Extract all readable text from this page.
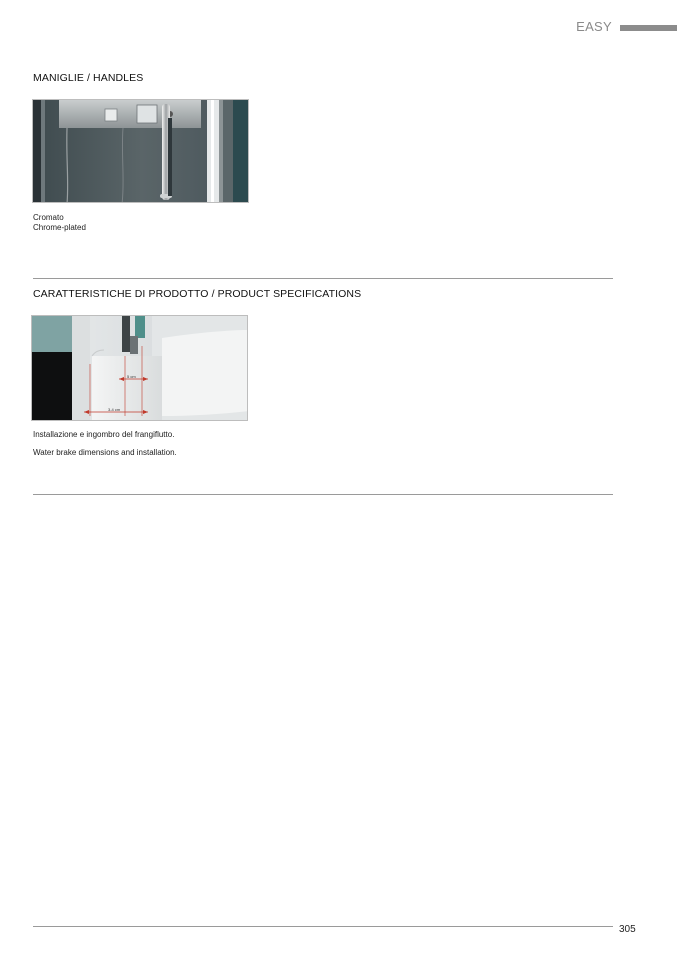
EASY
MANIGLIE / HANDLES
Cromato
Chrome-plated
CARATTERISTICHE DI PRODOTTO / PRODUCT SPECIFICATIONS
5 cm
3-4 cm
Installazione e ingombro del frangiflutto.
Water brake dimensions and installation.
305
